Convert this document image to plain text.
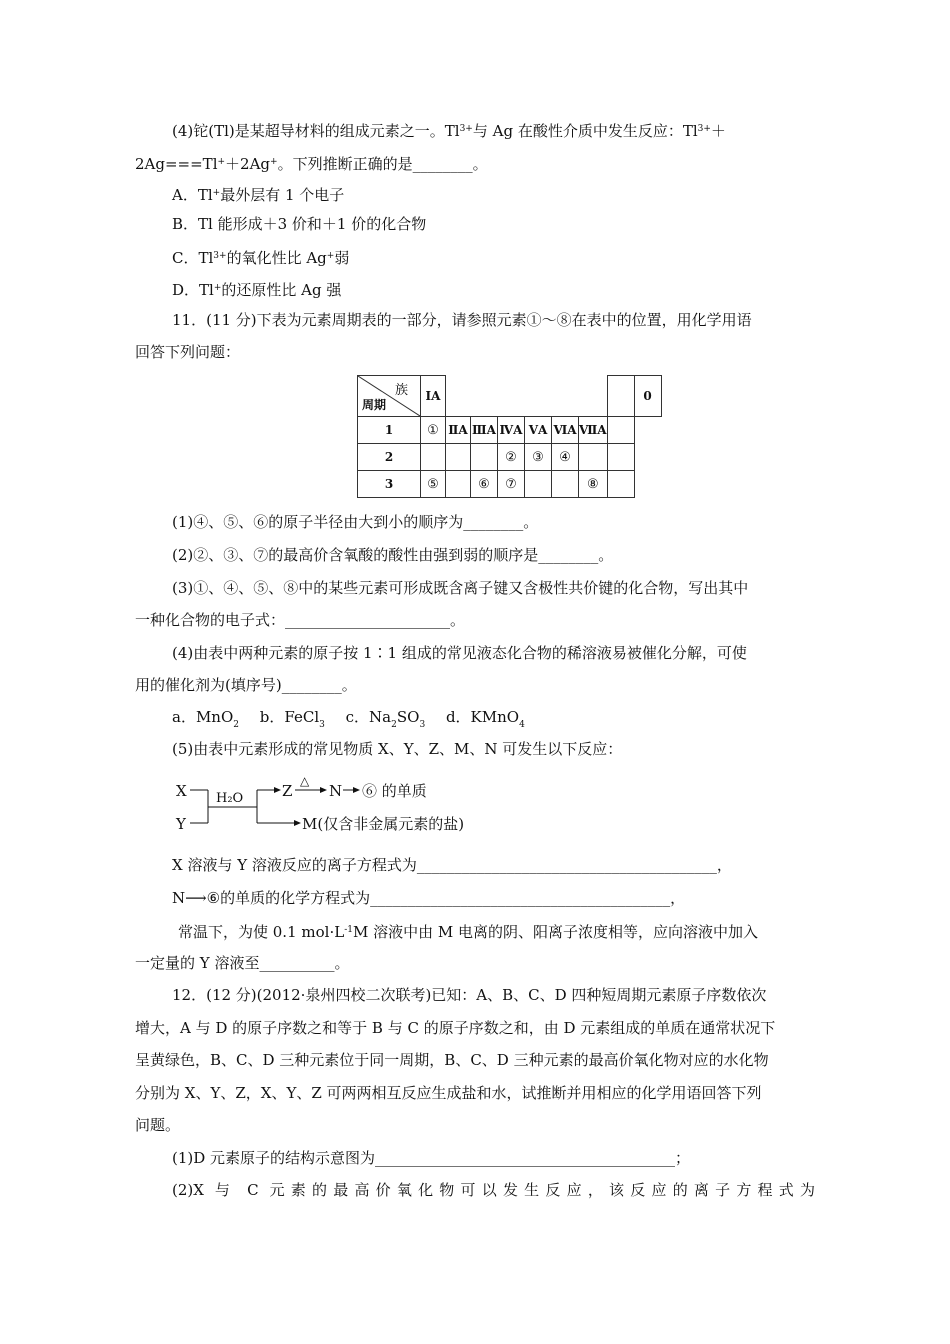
(4)铊(Tl)是某超导材料的组成元素之一。$Tl^{3+}$与 Ag 在酸性介质中发生反应：$Tl^{3+}+$
2Ag===Tl+＋2Ag+。下列推断正确的是________。
A．Tl+最外层有 1 个电子
B．Tl 能形成＋3 价和＋1 价的化合物
C．$Tl^{3+}$的氧化性比 Ag+弱
D．Tl+的还原性比 Ag 强
11．(11 分)下表为元素周期表的一部分，请参照元素①～⑧在表中的位置，用化学用语
回答下列问题：
族
周期	ⅠA								0
1	①	ⅡA	ⅢA	ⅣA	ⅤA	ⅥA	ⅦA		
2				②	③	④			
3	⑤		⑥	⑦			⑧		
(1)④、⑤、⑥的原子半径由大到小的顺序为________。
(2)②、③、⑦的最高价含氧酸的酸性由强到弱的顺序是________。
(3)①、④、⑤、⑧中的某些元素可形成既含离子键又含极性共价键的化合物，写出其中
一种化合物的电子式：______________________。
(4)由表中两种元素的原子按 1∶1 组成的常见液态化合物的稀溶液易被催化分解，可使
用的催化剂为(填序号)________。
a．MnO$_2$ b．FeCl$_3$ c．$Na_2SO_3$ d．KMnO$_4$
(5)由表中元素形成的常见物质 X、Y、Z、M、N 可发生以下反应：
X
Y
H₂O	Z
△
N ⑥ 的单质
M(仅含非金属元素的盐)
X 溶液与 Y 溶液反应的离子方程式为________________________________________，
N⟶⑥的单质的化学方程式为________________________________________，
常温下，为使 0.1 $mol\cdot L^{-1}M$ 溶液中由 M 电离的阴、阳离子浓度相等，应向溶液中加入
一定量的 Y 溶液至__________。
12．(12 分)(2012·泉州四校二次联考)已知：A、B、C、D 四种短周期元素原子序数依次
增大，A 与 D 的原子序数之和等于 B 与 C 的原子序数之和，由 D 元素组成的单质在通常状况下
呈黄绿色，B、C、D 三种元素位于同一周期，B、C、D 三种元素的最高价氧化物对应的水化物
分别为 X、Y、Z，X、Y、Z 可两两相互反应生成盐和水，试推断并用相应的化学用语回答下列
问题。
(1)D 元素原子的结构示意图为________________________________________；
(2)X 与 C 元素的最高价氧化物可以发生反应，该反应的离子方程式为
